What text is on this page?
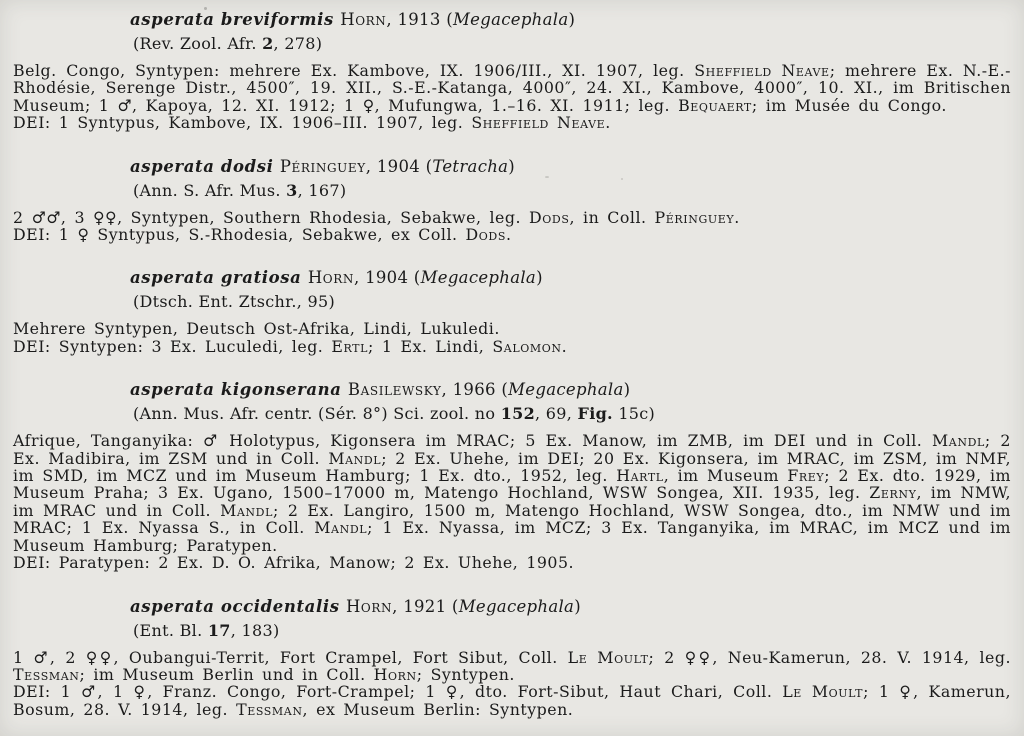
asperata breviformis Horn, 1913 (Megacephala)
(Rev. Zool. Afr. 2, 278)

Belg. Congo, Syntypen: mehrere Ex. Kambove, IX. 1906/III., XI. 1907, leg. Sheffield Neave; mehrere Ex. N.-E.-Rhodésie, Serenge Distr., 4500″, 19. XII., S.-E.-Katanga, 4000″, 24. XI., Kambove, 4000″, 10. XI., im Britischen Museum; 1 ♂, Kapoya, 12. XI. 1912; 1 ♀, Mufungwa, 1.–16. XI. 1911; leg. Bequaert; im Musée du Congo.

DEI: 1 Syntypus, Kambove, IX. 1906–III. 1907, leg. Sheffield Neave.

asperata dodsi Péringuey, 1904 (Tetracha)
(Ann. S. Afr. Mus. 3, 167)

2 ♂♂, 3 ♀♀, Syntypen, Southern Rhodesia, Sebakwe, leg. Dods, in Coll. Péringuey.

DEI: 1 ♀ Syntypus, S.-Rhodesia, Sebakwe, ex Coll. Dods.

asperata gratiosa Horn, 1904 (Megacephala)
(Dtsch. Ent. Ztschr., 95)

Mehrere Syntypen, Deutsch Ost-Afrika, Lindi, Lukuledi.

DEI: Syntypen: 3 Ex. Luculedi, leg. Ertl; 1 Ex. Lindi, Salomon.

asperata kigonserana Basilewsky, 1966 (Megacephala)
(Ann. Mus. Afr. centr. (Sér. 8°) Sci. zool. no 152, 69, Fig. 15c)

Afrique, Tanganyika: ♂ Holotypus, Kigonsera im MRAC; 5 Ex. Manow, im ZMB, im DEI und in Coll. Mandl; 2 Ex. Madibira, im ZSM und in Coll. Mandl; 2 Ex. Uhehe, im DEI; 20 Ex. Kigonsera, im MRAC, im ZSM, im NMF, im SMD, im MCZ und im Museum Hamburg; 1 Ex. dto., 1952, leg. Hartl, im Museum Frey; 2 Ex. dto. 1929, im Museum Praha; 3 Ex. Ugano, 1500–17000 m, Matengo Hochland, WSW Songea, XII. 1935, leg. Zerny, im NMW, im MRAC und in Coll. Mandl; 2 Ex. Langiro, 1500 m, Matengo Hochland, WSW Songea, dto., im NMW und im MRAC; 1 Ex. Nyassa S., in Coll. Mandl; 1 Ex. Nyassa, im MCZ; 3 Ex. Tanganyika, im MRAC, im MCZ und im Museum Hamburg; Paratypen.

DEI: Paratypen: 2 Ex. D. O. Afrika, Manow; 2 Ex. Uhehe, 1905.

asperata occidentalis Horn, 1921 (Megacephala)
(Ent. Bl. 17, 183)

1 ♂, 2 ♀♀, Oubangui-Territ, Fort Crampel, Fort Sibut, Coll. Le Moult; 2 ♀♀, Neu-Kamerun, 28. V. 1914, leg. Tessman; im Museum Berlin und in Coll. Horn; Syntypen.

DEI: 1 ♂, 1 ♀, Franz. Congo, Fort-Crampel; 1 ♀, dto. Fort-Sibut, Haut Chari, Coll. Le Moult; 1 ♀, Kamerun, Bosum, 28. V. 1914, leg. Tessman, ex Museum Berlin: Syntypen.
